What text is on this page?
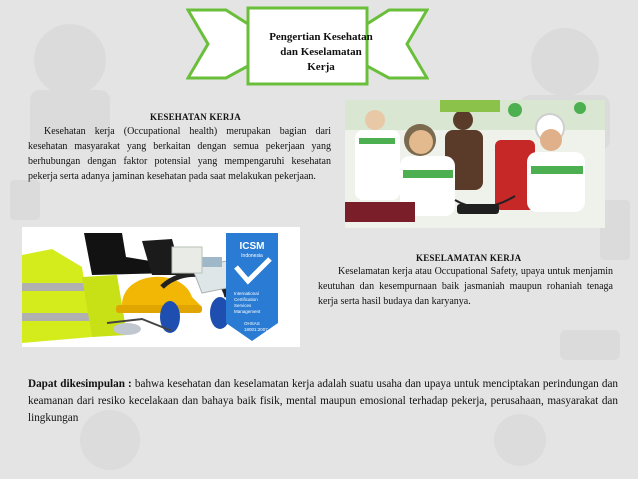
Pengertian Kesehatan
dan Keselamatan
Kerja
KESEHATAN KERJA
Kesehatan kerja (Occupational health) merupakan bagian dari kesehatan masyarakat yang berkaitan dengan semua pekerjaan yang berhubungan dengan faktor potensial yang mempengaruhi kesehatan pekerja serta adanya jaminan kesehatan pada saat melakukan pekerjaan.
ICSM
Indonesia
International
Certification
Services
Management
OHSAS
18001:2007
KESELAMATAN KERJA
Keselamatan kerja atau Occupational Safety, upaya untuk menjamin keutuhan dan kesempurnaan baik jasmaniah maupun rohaniah tenaga kerja serta hasil budaya dan karyanya.
Dapat dikesimpulan : bahwa kesehatan dan keselamatan kerja adalah suatu usaha dan upaya untuk menciptakan perindungan dan keamanan dari resiko kecelakaan dan bahaya baik fisik, mental maupun emosional terhadap pekerja, perusahaan, masyarakat dan lingkungan
